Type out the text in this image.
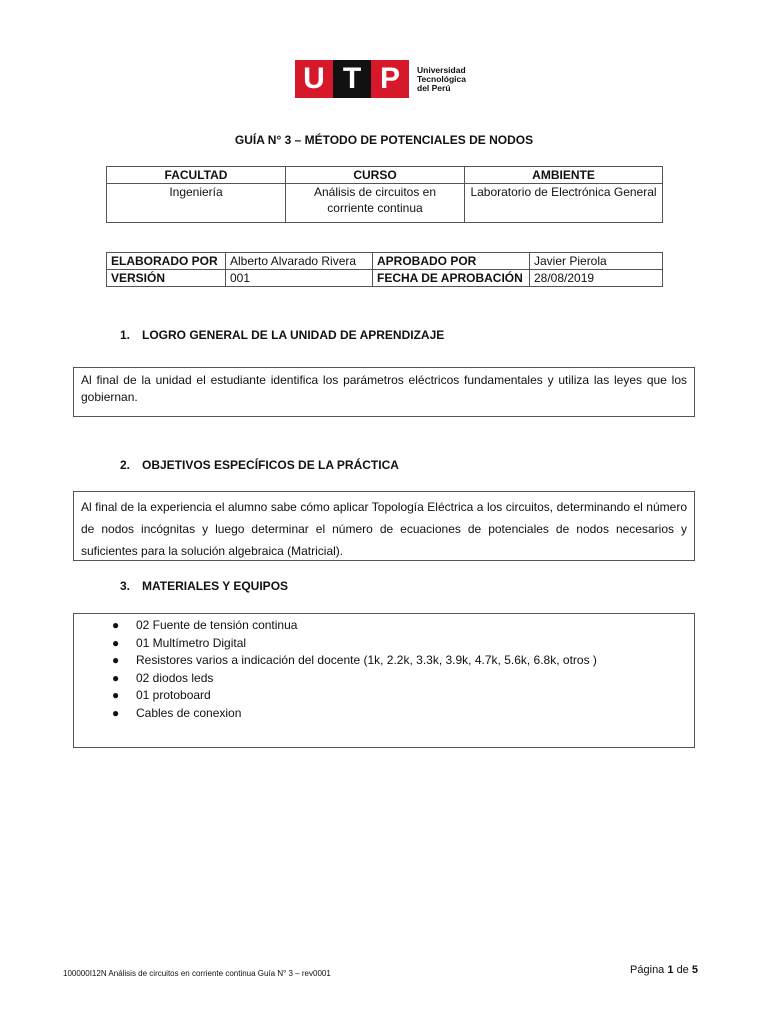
U T P	Universidad
Tecnológica
del Perú
GUÍA N° 3 – MÉTODO DE POTENCIALES DE NODOS
FACULTAD	CURSO	AMBIENTE
Ingeniería	Análisis de circuitos en corriente continua	Laboratorio de Electrónica General
ELABORADO POR	Alberto Alvarado Rivera	APROBADO POR	Javier Pierola
VERSIÓN	001	FECHA DE APROBACIÓN	28/08/2019
1. LOGRO GENERAL DE LA UNIDAD DE APRENDIZAJE
Al final de la unidad el estudiante identifica los parámetros eléctricos fundamentales y utiliza las leyes que los gobiernan.
2. OBJETIVOS ESPECÍFICOS DE LA PRÁCTICA
Al final de la experiencia el alumno sabe cómo aplicar Topología Eléctrica a los circuitos, determinando el número de nodos incógnitas y luego determinar el número de ecuaciones de potenciales de nodos necesarios y suficientes para la solución algebraica (Matricial).
3. MATERIALES Y EQUIPOS
● 02 Fuente de tensión continua
● 01 Multímetro Digital
● Resistores varios a indicación del docente (1k, 2.2k, 3.3k, 3.9k, 4.7k, 5.6k, 6.8k, otros )
● 02 diodos leds
● 01 protoboard
● Cables de conexion
100000I12N Análisis de circuitos en corriente continua Guía N° 3 – rev0001	Página 1 de 5
